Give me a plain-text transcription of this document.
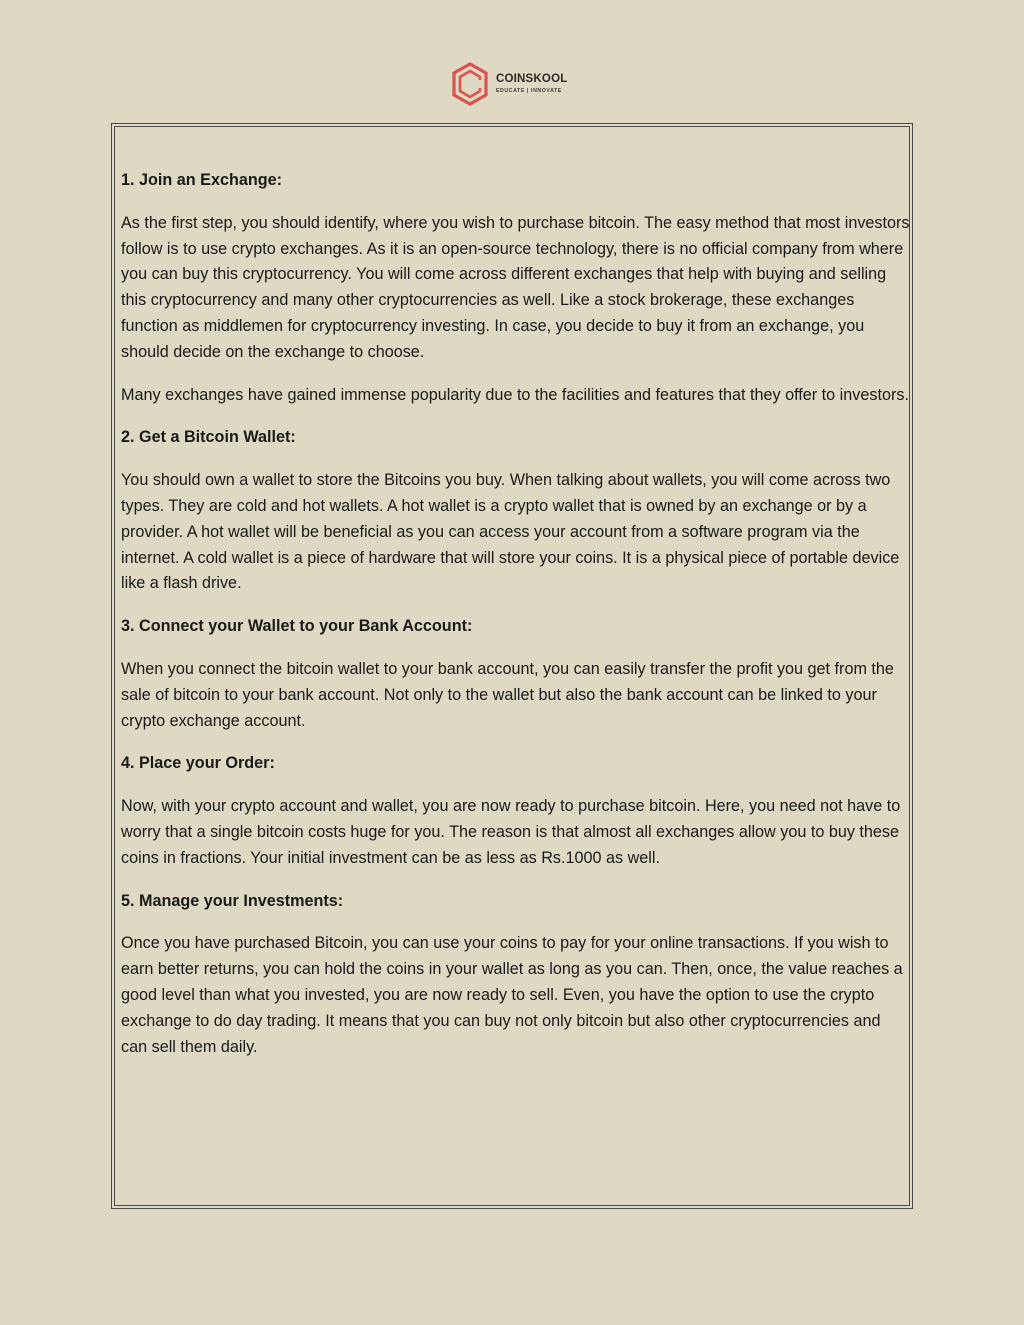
COINSKOOL
EDUCATE | INNOVATE
1. Join an Exchange:

As the first step, you should identify, where you wish to purchase bitcoin. The easy method that most investors follow is to use crypto exchanges. As it is an open-source technology, there is no official company from where you can buy this cryptocurrency. You will come across different exchanges that help with buying and selling this cryptocurrency and many other cryptocurrencies as well. Like a stock brokerage, these exchanges function as middlemen for cryptocurrency investing. In case, you decide to buy it from an exchange, you should decide on the exchange to choose.

Many exchanges have gained immense popularity due to the facilities and features that they offer to investors.

2. Get a Bitcoin Wallet:

You should own a wallet to store the Bitcoins you buy. When talking about wallets, you will come across two types. They are cold and hot wallets. A hot wallet is a crypto wallet that is owned by an exchange or by a provider. A hot wallet will be beneficial as you can access your account from a software program via the internet. A cold wallet is a piece of hardware that will store your coins. It is a physical piece of portable device like a flash drive.

3. Connect your Wallet to your Bank Account:

When you connect the bitcoin wallet to your bank account, you can easily transfer the profit you get from the sale of bitcoin to your bank account. Not only to the wallet but also the bank account can be linked to your crypto exchange account.

4. Place your Order:

Now, with your crypto account and wallet, you are now ready to purchase bitcoin. Here, you need not have to worry that a single bitcoin costs huge for you. The reason is that almost all exchanges allow you to buy these coins in fractions. Your initial investment can be as less as Rs.1000 as well.

5. Manage your Investments:

Once you have purchased Bitcoin, you can use your coins to pay for your online transactions. If you wish to earn better returns, you can hold the coins in your wallet as long as you can. Then, once, the value reaches a good level than what you invested, you are now ready to sell. Even, you have the option to use the crypto exchange to do day trading. It means that you can buy not only bitcoin but also other cryptocurrencies and can sell them daily.
